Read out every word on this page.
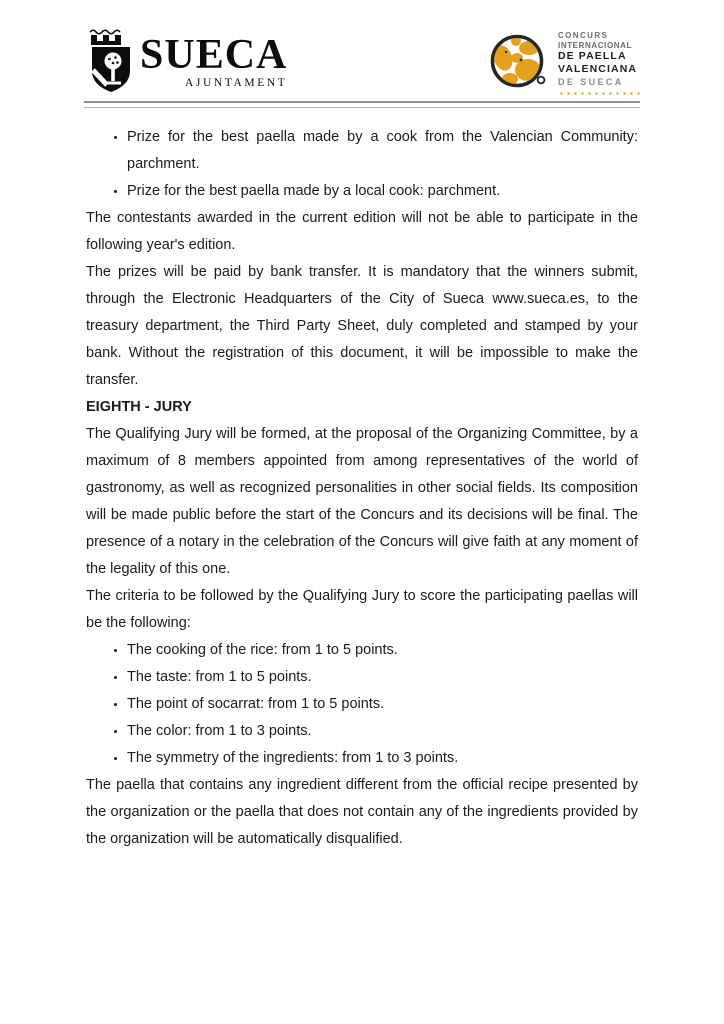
SUECA
AJUNTAMENT
CONCURS
INTERNACIONAL
DE PAELLA
VALENCIANA
DE SUECA
• Prize for the best paella made by a cook from the Valencian Community: parchment.
• Prize for the best paella made by a local cook: parchment.

The contestants awarded in the current edition will not be able to participate in the following year's edition.

The prizes will be paid by bank transfer. It is mandatory that the winners submit, through the Electronic Headquarters of the City of Sueca www.sueca.es, to the treasury department, the Third Party Sheet, duly completed and stamped by your bank. Without the registration of this document, it will be impossible to make the transfer.

EIGHTH - JURY

The Qualifying Jury will be formed, at the proposal of the Organizing Committee, by a maximum of 8 members appointed from among representatives of the world of gastronomy, as well as recognized personalities in other social fields. Its composition will be made public before the start of the Concurs and its decisions will be final. The presence of a notary in the celebration of the Concurs will give faith at any moment of the legality of this one.

The criteria to be followed by the Qualifying Jury to score the participating paellas will be the following:

• The cooking of the rice: from 1 to 5 points.
• The taste: from 1 to 5 points.
• The point of socarrat: from 1 to 5 points.
• The color: from 1 to 3 points.
• The symmetry of the ingredients: from 1 to 3 points.

The paella that contains any ingredient different from the official recipe presented by the organization or the paella that does not contain any of the ingredients provided by the organization will be automatically disqualified.
